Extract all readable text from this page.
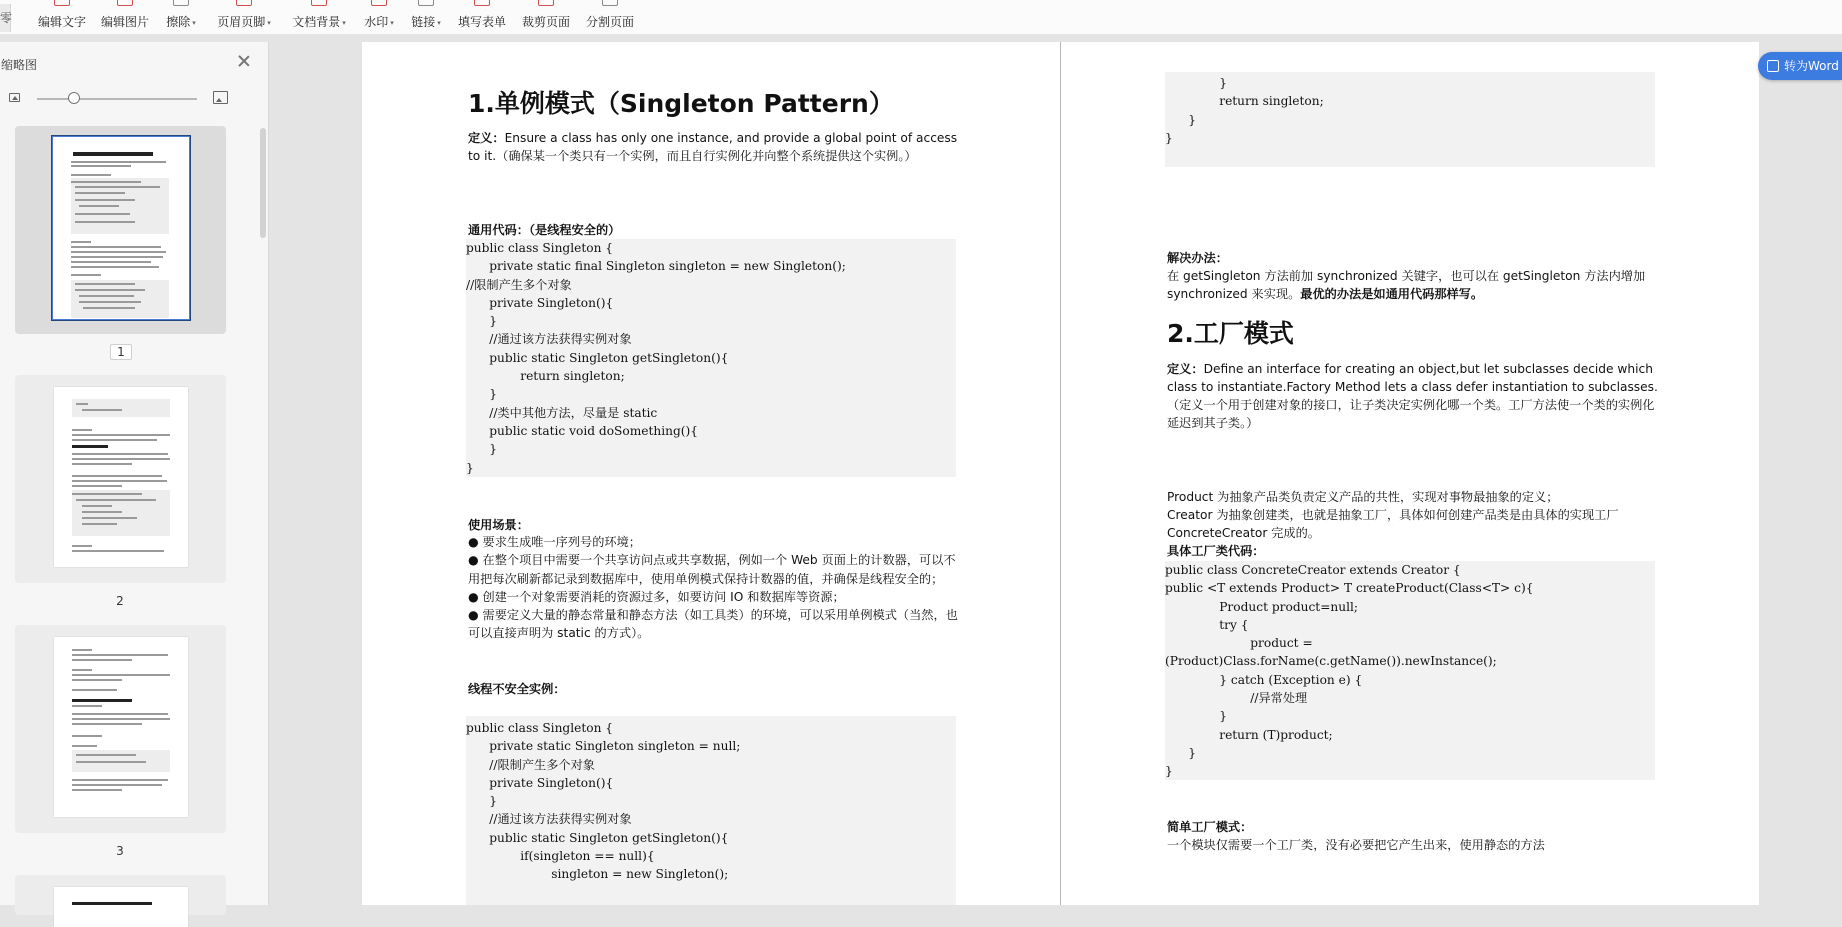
零 编辑文字 编辑图片 擦除 ▾	页眉页脚 ▾	文档背景 ▾	水印 ▾ 链接 ▾ 填写表单 裁剪页面 分割页面
缩略图
1
2
3
1.单例模式（Singleton Pattern）
定义：Ensure a class has only one instance, and provide a global point of access to it.（确保某一个类只有一个实例，而且自行实例化并向整个系统提供这个实例。）
通用代码：（是线程安全的）
public class Singleton {
private static final Singleton singleton = new Singleton();
//限制产生多个对象
private Singleton(){
}
//通过该方法获得实例对象
public static Singleton getSingleton(){
return singleton;
}
//类中其他方法，尽量是 static
public static void doSomething(){
}
}
使用场景：
● 要求生成唯一序列号的环境；
● 在整个项目中需要一个共享访问点或共享数据，例如一个 Web 页面上的计数器，可以不用把每次刷新都记录到数据库中，使用单例模式保持计数器的值，并确保是线程安全的；
● 创建一个对象需要消耗的资源过多，如要访问 IO 和数据库等资源；
● 需要定义大量的静态常量和静态方法（如工具类）的环境，可以采用单例模式（当然，也可以直接声明为 static 的方式）。
线程不安全实例：
public class Singleton {
private static Singleton singleton = null;
//限制产生多个对象
private Singleton(){
}
//通过该方法获得实例对象
public static Singleton getSingleton(){
if(singleton == null){
singleton = new Singleton();
}
return singleton;
}
}
解决办法：
在 getSingleton 方法前加 synchronized 关键字，也可以在 getSingleton 方法内增加 synchronized 来实现。最优的办法是如通用代码那样写。
2.工厂模式
定义：Define an interface for creating an object,but let subclasses decide which class to instantiate.Factory Method lets a class defer instantiation to subclasses.（定义一个用于创建对象的接口，让子类决定实例化哪一个类。工厂方法使一个类的实例化延迟到其子类。）
Product 为抽象产品类负责定义产品的共性，实现对事物最抽象的定义；
Creator 为抽象创建类，也就是抽象工厂，具体如何创建产品类是由具体的实现工厂 ConcreteCreator 完成的。
具体工厂类代码：
public class ConcreteCreator extends Creator {
public <T extends Product> T createProduct(Class<T> c){
Product product=null;
try {
product =
(Product)Class.forName(c.getName()).newInstance();
} catch (Exception e) {
//异常处理
}
return (T)product;
}
}
简单工厂模式：
一个模块仅需要一个工厂类，没有必要把它产生出来，使用静态的方法
转为Word
